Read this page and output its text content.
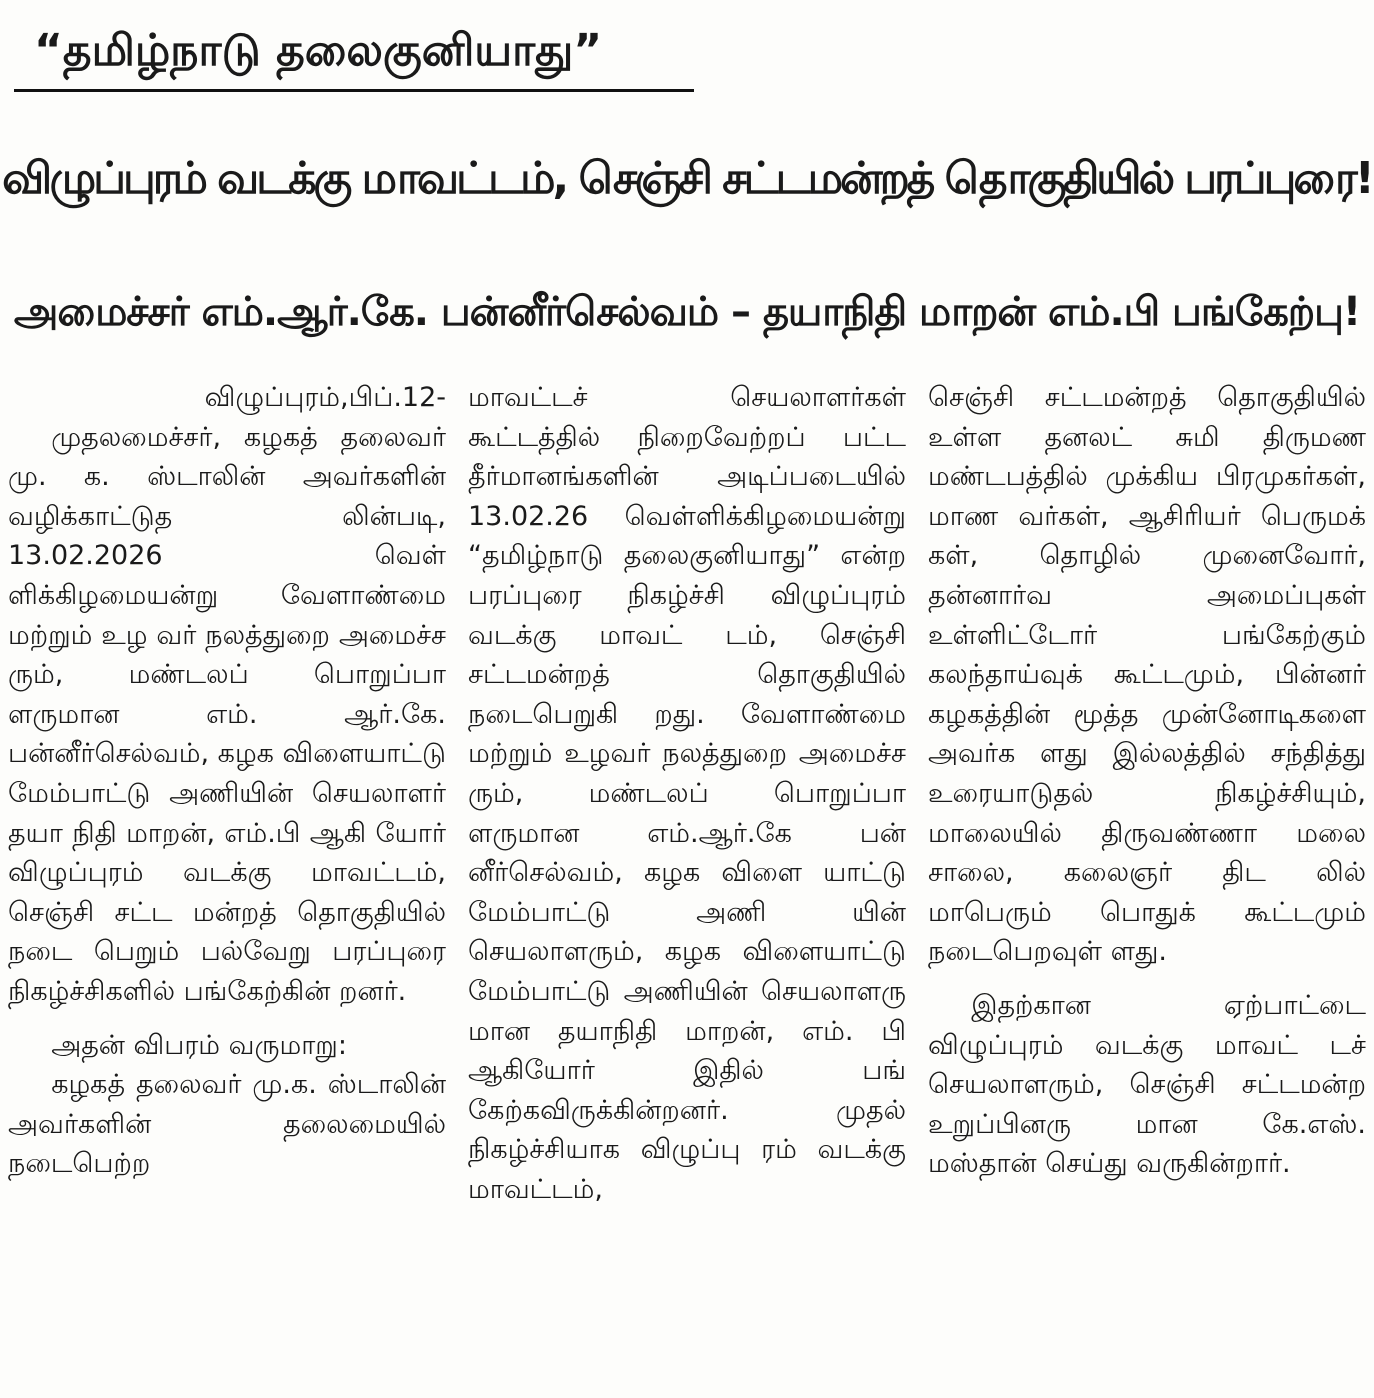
“தமிழ்நாடு தலைகுனியாது”
விழுப்புரம் வடக்கு மாவட்டம், செஞ்சி சட்டமன்றத் தொகுதியில் பரப்புரை!
அமைச்சர் எம்.ஆர்.கே. பன்னீர்செல்வம் – தயாநிதி மாறன் எம்.பி பங்கேற்பு!

விழுப்புரம்,பிப்.12-

முதலமைச்சர், கழகத் தலைவர் மு. க. ஸ்டாலின் அவர்களின் வழிக்காட்டுத லின்படி, 13.02.2026 வெள் ளிக்கிழமையன்று வேளாண்மை மற்றும் உழ வர் நலத்துறை அமைச்ச ரும், மண்டலப் பொறுப்பா ளருமான எம். ஆர்.கே. பன்னீர்செல்வம், கழக விளையாட்டு மேம்பாட்டு அணியின் செயலாளர் தயா நிதி மாறன், எம்.பி ஆகி யோர் விழுப்புரம் வடக்கு மாவட்டம், செஞ்சி சட்ட மன்றத் தொகுதியில் நடை பெறும் பல்வேறு பரப்புரை நிகழ்ச்சிகளில் பங்கேற்கின் றனர்.

அதன் விபரம் வருமாறு:

கழகத் தலைவர் மு.க. ஸ்டாலின் அவர்களின் தலைமையில் நடைபெற்ற

மாவட்டச் செயலாளர்கள் கூட்டத்தில் நிறைவேற்றப் பட்ட தீர்மானங்களின் அடிப்படையில் 13.02.26 வெள்ளிக்கிழமையன்று “தமிழ்நாடு தலைகுனியாது” என்ற பரப்புரை நிகழ்ச்சி விழுப்புரம் வடக்கு மாவட் டம், செஞ்சி சட்டமன்றத் தொகுதியில் நடைபெறுகி றது. வேளாண்மை மற்றும் உழவர் நலத்துறை அமைச்ச ரும், மண்டலப் பொறுப்பா ளருமான எம்.ஆர்.கே பன் னீர்செல்வம், கழக விளை யாட்டு மேம்பாட்டு அணி யின் செயலாளரும், கழக விளையாட்டு மேம்பாட்டு அணியின் செயலாளரு மான தயாநிதி மாறன், எம். பி ஆகியோர் இதில் பங் கேற்கவிருக்கின்றனர். முதல் நிகழ்ச்சியாக விழுப்பு ரம் வடக்கு மாவட்டம்,

செஞ்சி சட்டமன்றத் தொகுதியில் உள்ள தனலட் சுமி திருமண மண்டபத்தில் முக்கிய பிரமுகர்கள், மாண வர்கள், ஆசிரியர் பெருமக் கள், தொழில் முனைவோர், தன்னார்வ அமைப்புகள் உள்ளிட்டோர் பங்கேற்கும் கலந்தாய்வுக் கூட்டமும், பின்னர் கழகத்தின் மூத்த முன்னோடிகளை அவர்க ளது இல்லத்தில் சந்தித்து உரையாடுதல் நிகழ்ச்சியும், மாலையில் திருவண்ணா மலை சாலை, கலைஞர் திட லில் மாபெரும் பொதுக் கூட்டமும் நடைபெறவுள் ளது.

இதற்கான ஏற்பாட்டை விழுப்புரம் வடக்கு மாவட் டச் செயலாளரும், செஞ்சி சட்டமன்ற உறுப்பினரு மான கே.எஸ். மஸ்தான் செய்து வருகின்றார்.
